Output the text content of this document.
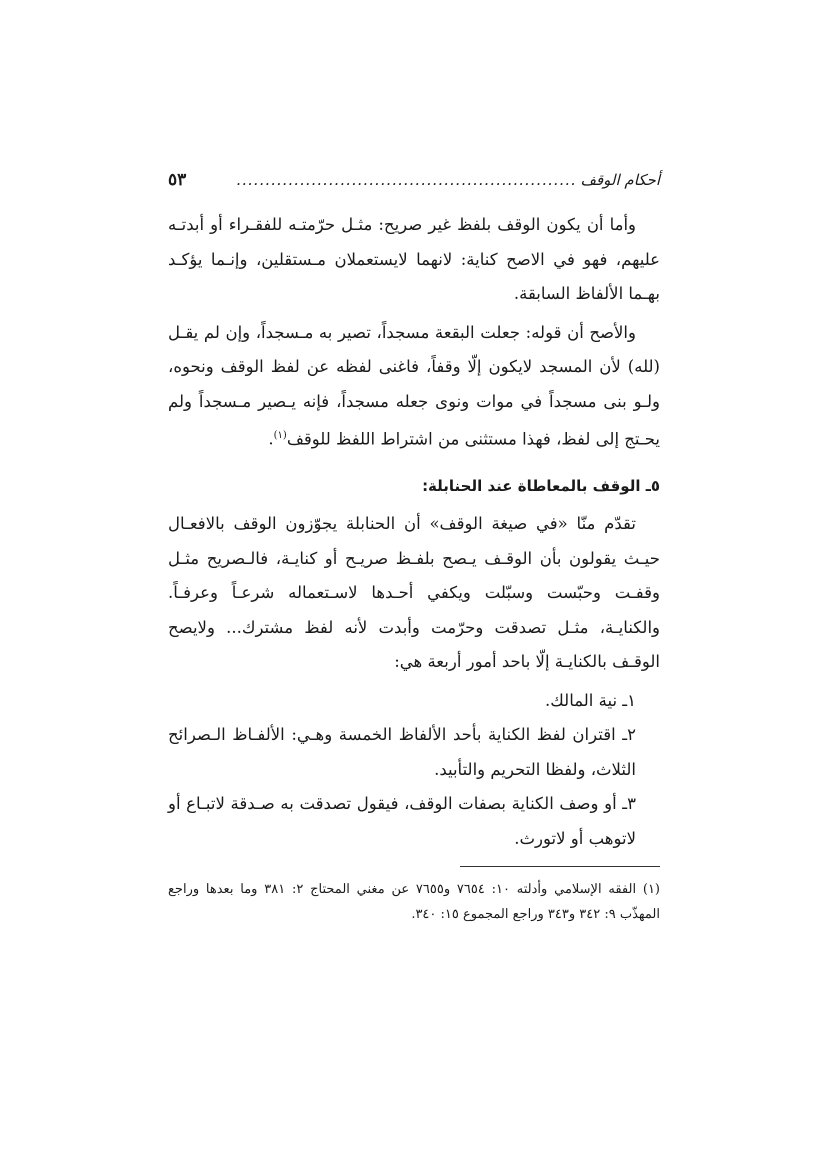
أحكام الوقف
...........................................................
٥٣

وأما أن يكون الوقف بلفظ غير صريح: مثـل حرّمتـه للفقـراء أو أبدتـه عليهم، فهو في الاصح كناية: لانهما لايستعملان مـستقلين، وإنـما يؤكـد بهـما الألفاظ السابقة.

والأصح أن قوله: جعلت البقعة مسجداً، تصير به مـسجداً، وإن لم يقـل (لله) لأن المسجد لايكون إلّا وقفاً، فاغنى لفظه عن لفظ الوقف ونحوه، ولـو بنى مسجداً في موات ونوى جعله مسجداً، فإنه يـصير مـسجداً ولم يحـتج إلى لفظ، فهذا مستثنى من اشتراط اللفظ للوقف$^{(١)}$.

٥ـ الوقف بالمعاطاة عند الحنابلة:

تقدّم منّا «في صيغة الوقف» أن الحنابلة يجوّزون الوقف بالافعـال حيـث يقولون بأن الوقـف يـصح بلفـظ صريـح أو كنايـة، فالـصريح مثـل وقفـت وحبّست وسبّلت ويكفي أحـدها لاسـتعماله شرعـاً وعرفـاً. والكنايـة، مثـل تصدقت وحرّمت وأبدت لأنه لفظ مشترك... ولايصح الوقـف بالكنايـة إلّا باحد أمور أربعة هي:

١ـ نية المالك.
٢ـ اقتران لفظ الكناية بأحد الألفاظ الخمسة وهـي: الألفـاظ الـصرائح الثلاث، ولفظا التحريم والتأبيد.
٣ـ أو وصف الكناية بصفات الوقف، فيقول تصدقت به صـدقة لاتبـاع أو لاتوهب أو لاتورث.
(١) الفقه الإسلامي وأدلته ١٠: ٧٦٥٤ و٧٦٥٥ عن مغني المحتاج ٢: ٣٨١ وما بعدها وراجع المهذّب ٩: ٣٤٢ و٣٤٣ وراجع المجموع ١٥: ٣٤٠.
